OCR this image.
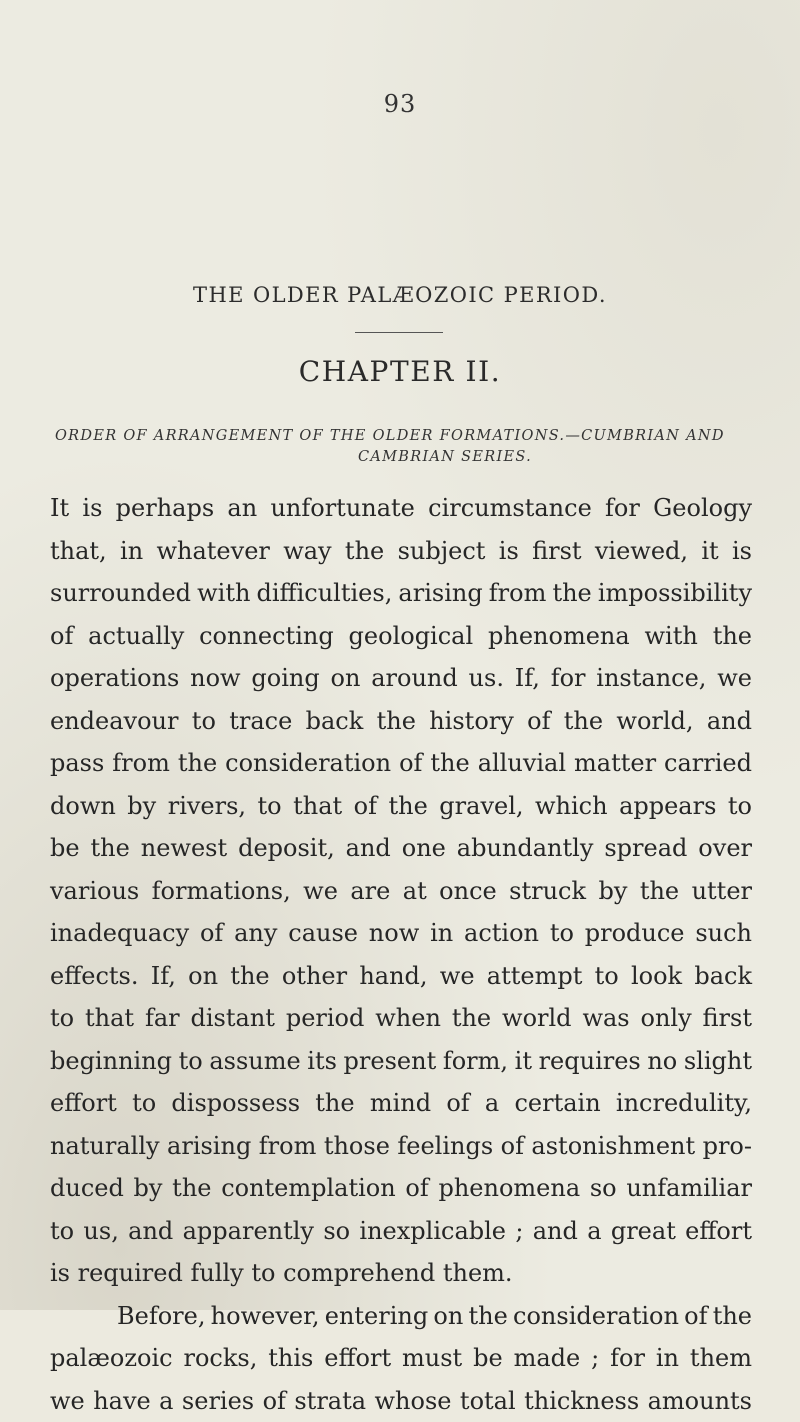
93
THE OLDER PALÆOZOIC PERIOD.
CHAPTER II.
ORDER OF ARRANGEMENT OF THE OLDER FORMATIONS.—CUMBRIAN AND
CAMBRIAN SERIES.

It is perhaps an unfortunate circumstance for Geology
that, in whatever way the subject is first viewed, it is
surrounded with difficulties, arising from the impossibility
of actually connecting geological phenomena with the
operations now going on around us. If, for instance, we
endeavour to trace back the history of the world, and
pass from the consideration of the alluvial matter carried
down by rivers, to that of the gravel, which appears to
be the newest deposit, and one abundantly spread over
various formations, we are at once struck by the utter
inadequacy of any cause now in action to produce such
effects. If, on the other hand, we attempt to look back
to that far distant period when the world was only first
beginning to assume its present form, it requires no slight
effort to dispossess the mind of a certain incredulity,
naturally arising from those feelings of astonishment pro-
duced by the contemplation of phenomena so unfamiliar
to us, and apparently so inexplicable ; and a great effort
is required fully to comprehend them.

Before, however, entering on the consideration of the
palæozoic rocks, this effort must be made ; for in them
we have a series of strata whose total thickness amounts
